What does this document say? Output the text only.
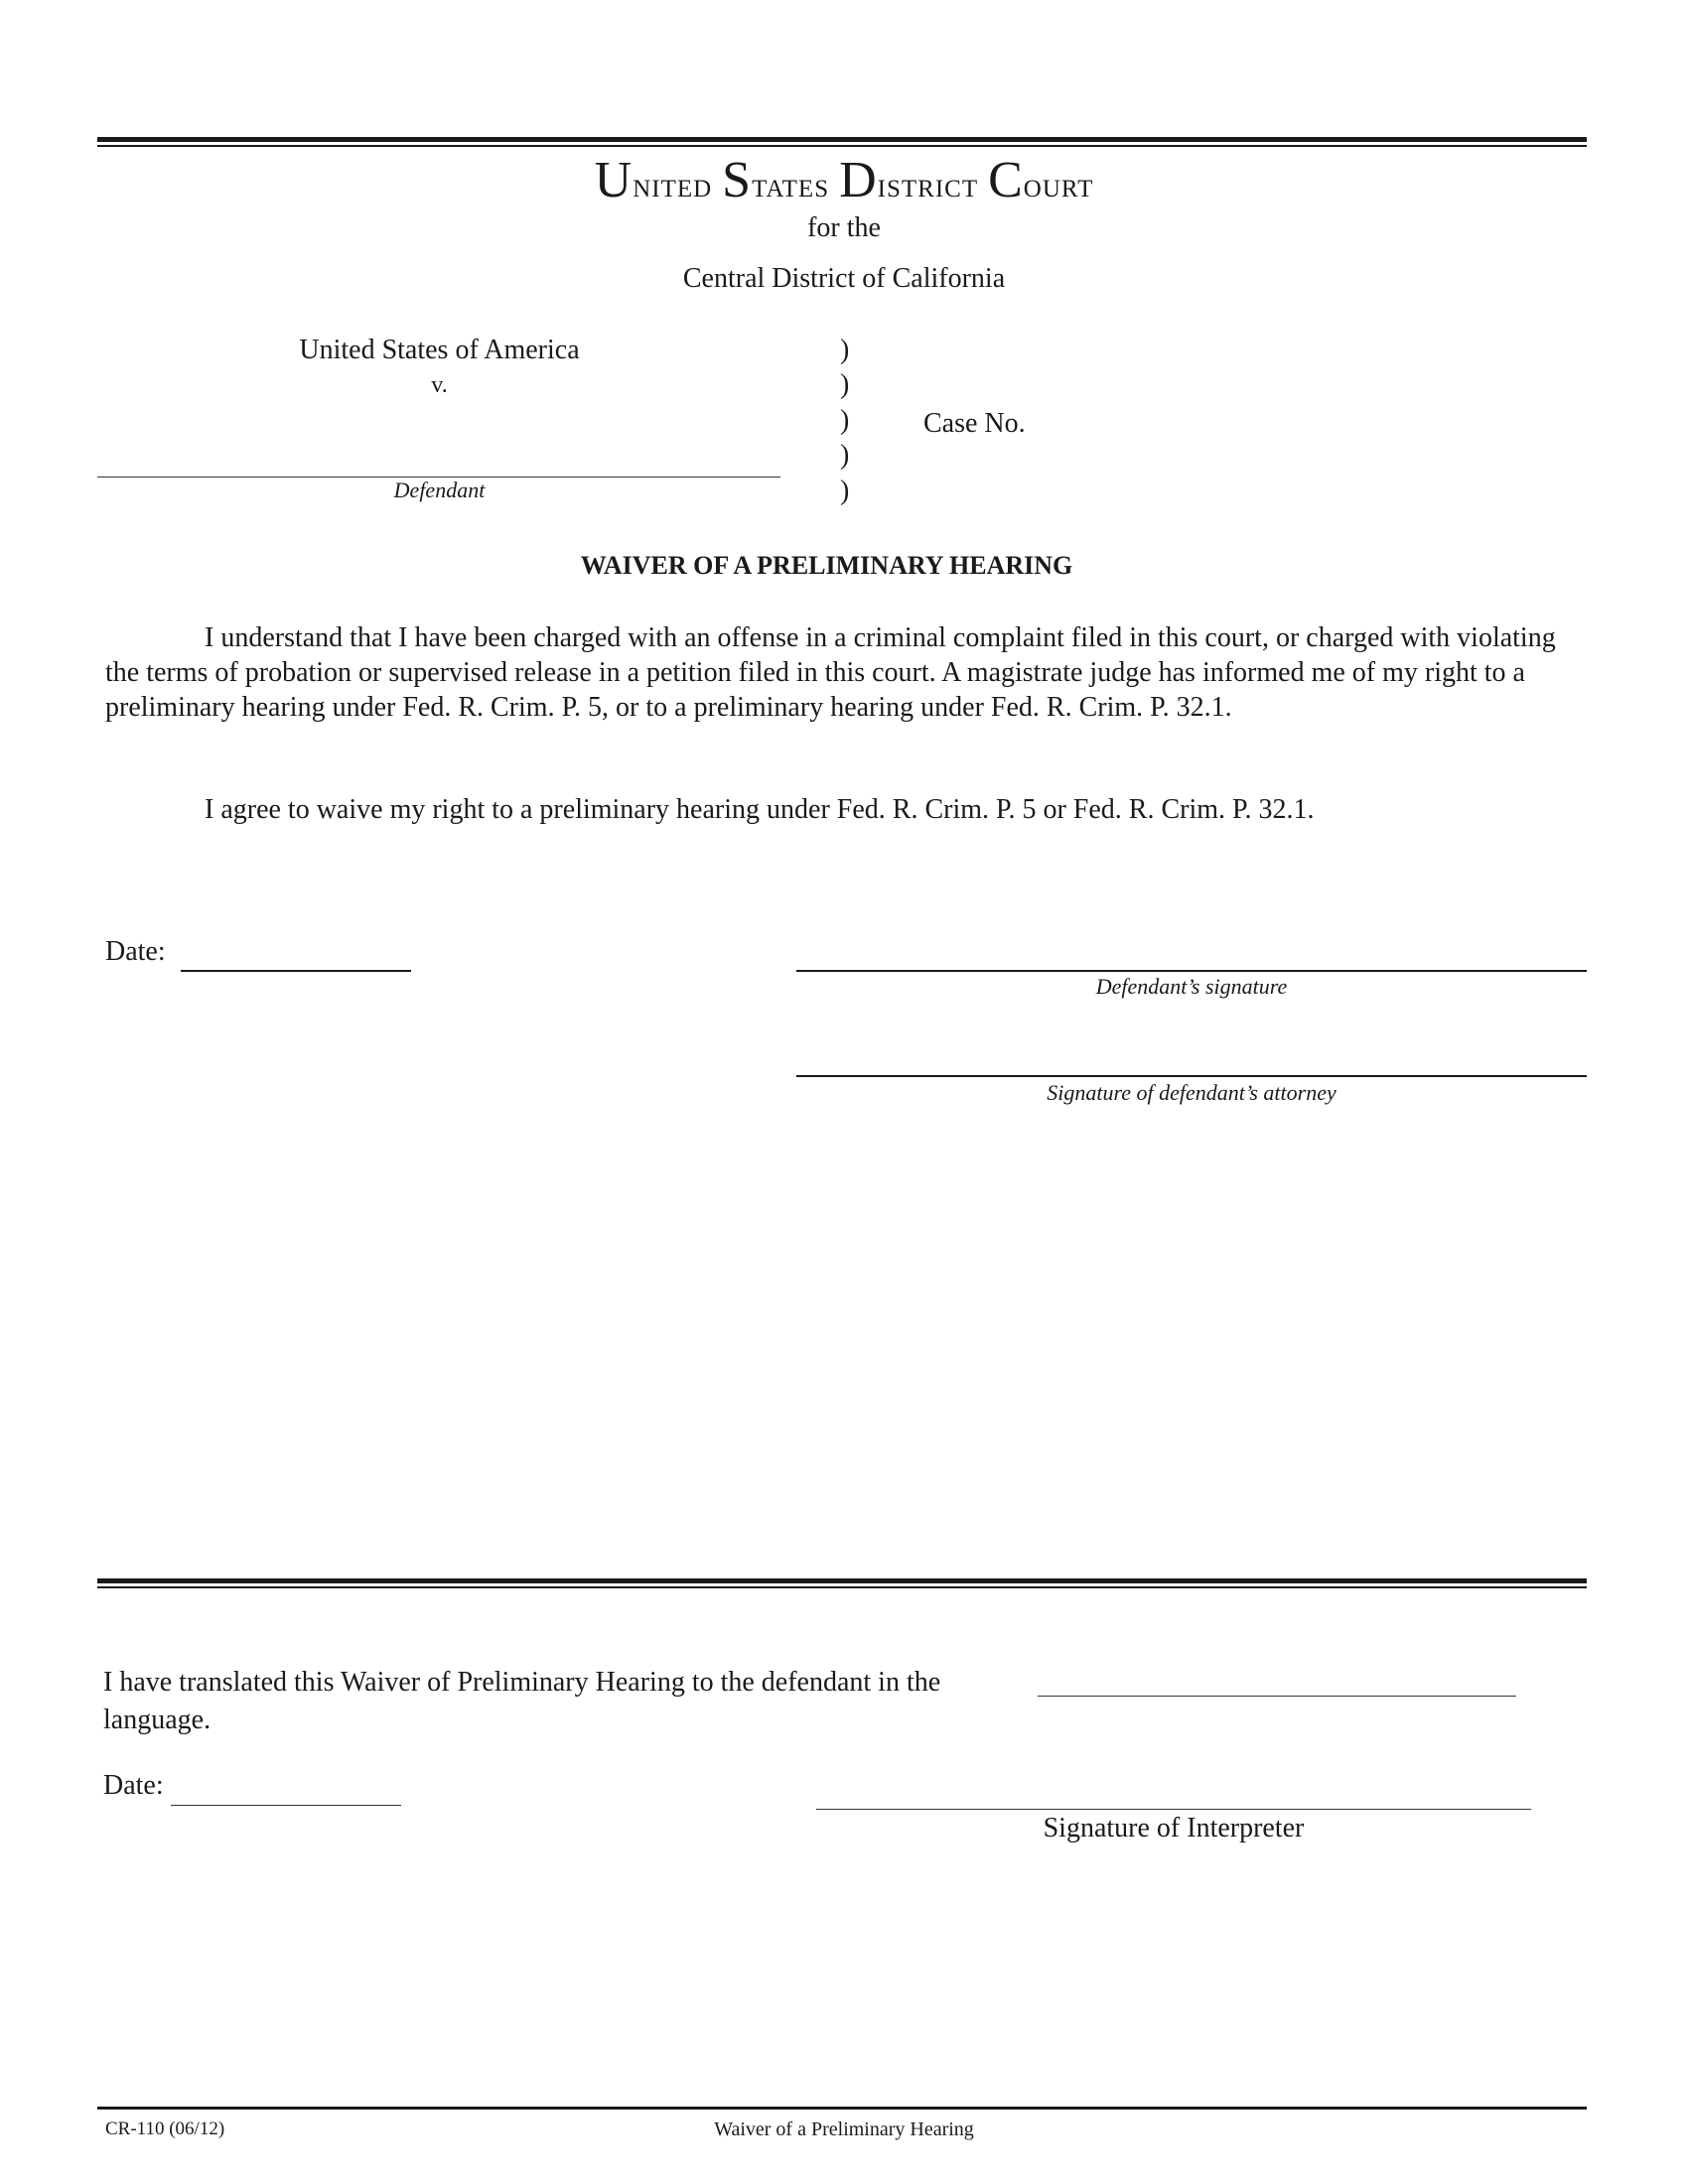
United States District Court
for the
Central District of California
United States of America
v.
Defendant
)
)
)
)
)
Case No.
WAIVER OF A PRELIMINARY HEARING
I understand that I have been charged with an offense in a criminal complaint filed in this court, or charged with violating the terms of probation or supervised release in a petition filed in this court. A magistrate judge has informed me of my right to a preliminary hearing under Fed. R. Crim. P. 5, or to a preliminary hearing under Fed. R. Crim. P. 32.1.
I agree to waive my right to a preliminary hearing under Fed. R. Crim. P. 5 or Fed. R. Crim. P. 32.1.
Date:
Defendant’s signature
Signature of defendant’s attorney
I have translated this Waiver of Preliminary Hearing to the defendant in the
language.
Date:
Signature of Interpreter
CR-110 (06/12)	Waiver of a Preliminary Hearing
